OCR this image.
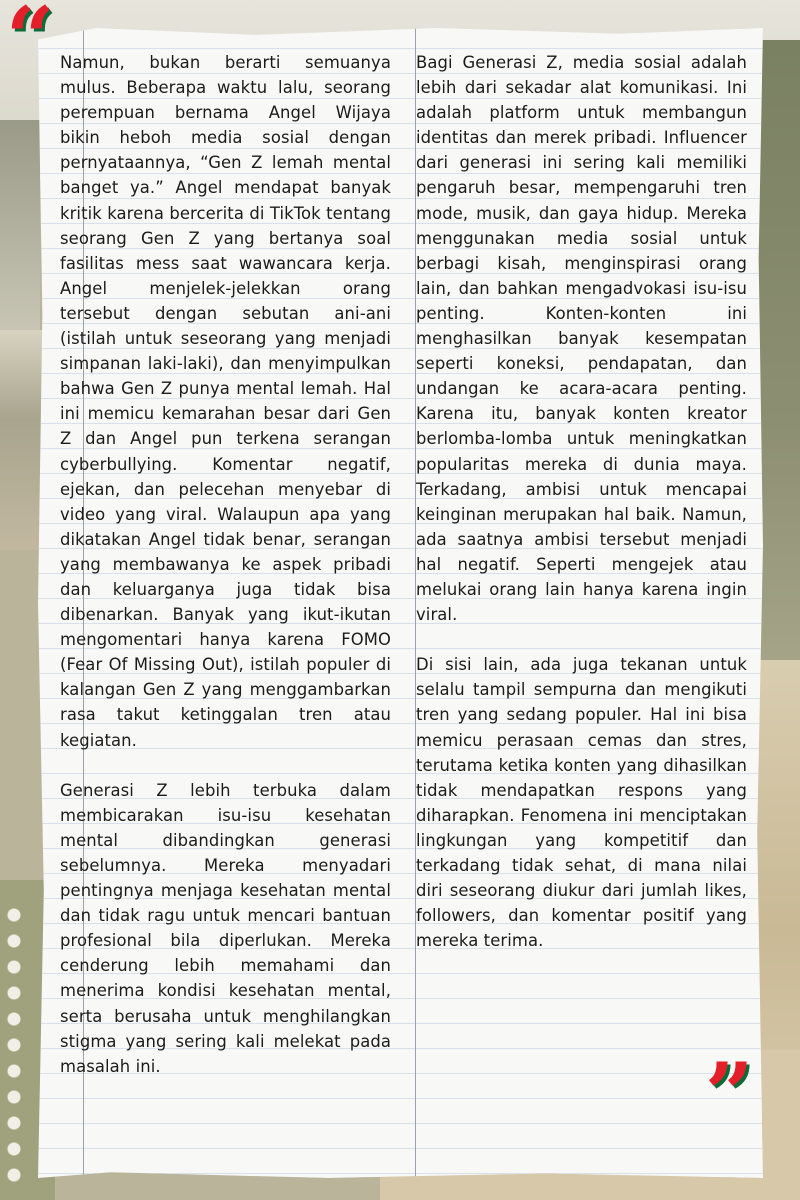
“
”

Namun, bukan berarti semuanya mulus. Beberapa waktu lalu, seorang perempuan bernama Angel Wijaya bikin heboh media sosial dengan pernyataannya, “Gen Z lemah mental banget ya.” Angel mendapat banyak kritik karena bercerita di TikTok tentang seorang Gen Z yang bertanya soal fasilitas mess saat wawancara kerja. Angel menjelek-jelekkan orang tersebut dengan sebutan ani-ani (istilah untuk seseorang yang menjadi simpanan laki-laki), dan menyimpulkan bahwa Gen Z punya mental lemah. Hal ini memicu kemarahan besar dari Gen Z dan Angel pun terkena serangan cyberbullying. Komentar negatif, ejekan, dan pelecehan menyebar di video yang viral. Walaupun apa yang dikatakan Angel tidak benar, serangan yang membawanya ke aspek pribadi dan keluarganya juga tidak bisa dibenarkan. Banyak yang ikut-ikutan mengomentari hanya karena FOMO (Fear Of Missing Out), istilah populer di kalangan Gen Z yang menggambarkan rasa takut ketinggalan tren atau kegiatan.

Generasi Z lebih terbuka dalam membicarakan isu-isu kesehatan mental dibandingkan generasi sebelumnya. Mereka menyadari pentingnya menjaga kesehatan mental dan tidak ragu untuk mencari bantuan profesional bila diperlukan. Mereka cenderung lebih memahami dan menerima kondisi kesehatan mental, serta berusaha untuk menghilangkan stigma yang sering kali melekat pada masalah ini.

Bagi Generasi Z, media sosial adalah lebih dari sekadar alat komunikasi. Ini adalah platform untuk membangun identitas dan merek pribadi. Influencer dari generasi ini sering kali memiliki pengaruh besar, mempengaruhi tren mode, musik, dan gaya hidup. Mereka menggunakan media sosial untuk berbagi kisah, menginspirasi orang lain, dan bahkan mengadvokasi isu-isu penting. Konten-konten ini menghasilkan banyak kesempatan seperti koneksi, pendapatan, dan undangan ke acara-acara penting. Karena itu, banyak konten kreator berlomba-lomba untuk meningkatkan popularitas mereka di dunia maya. Terkadang, ambisi untuk mencapai keinginan merupakan hal baik. Namun, ada saatnya ambisi tersebut menjadi hal negatif. Seperti mengejek atau melukai orang lain hanya karena ingin viral.

Di sisi lain, ada juga tekanan untuk selalu tampil sempurna dan mengikuti tren yang sedang populer. Hal ini bisa memicu perasaan cemas dan stres, terutama ketika konten yang dihasilkan tidak mendapatkan respons yang diharapkan. Fenomena ini menciptakan lingkungan yang kompetitif dan terkadang tidak sehat, di mana nilai diri seseorang diukur dari jumlah likes, followers, dan komentar positif yang mereka terima.
